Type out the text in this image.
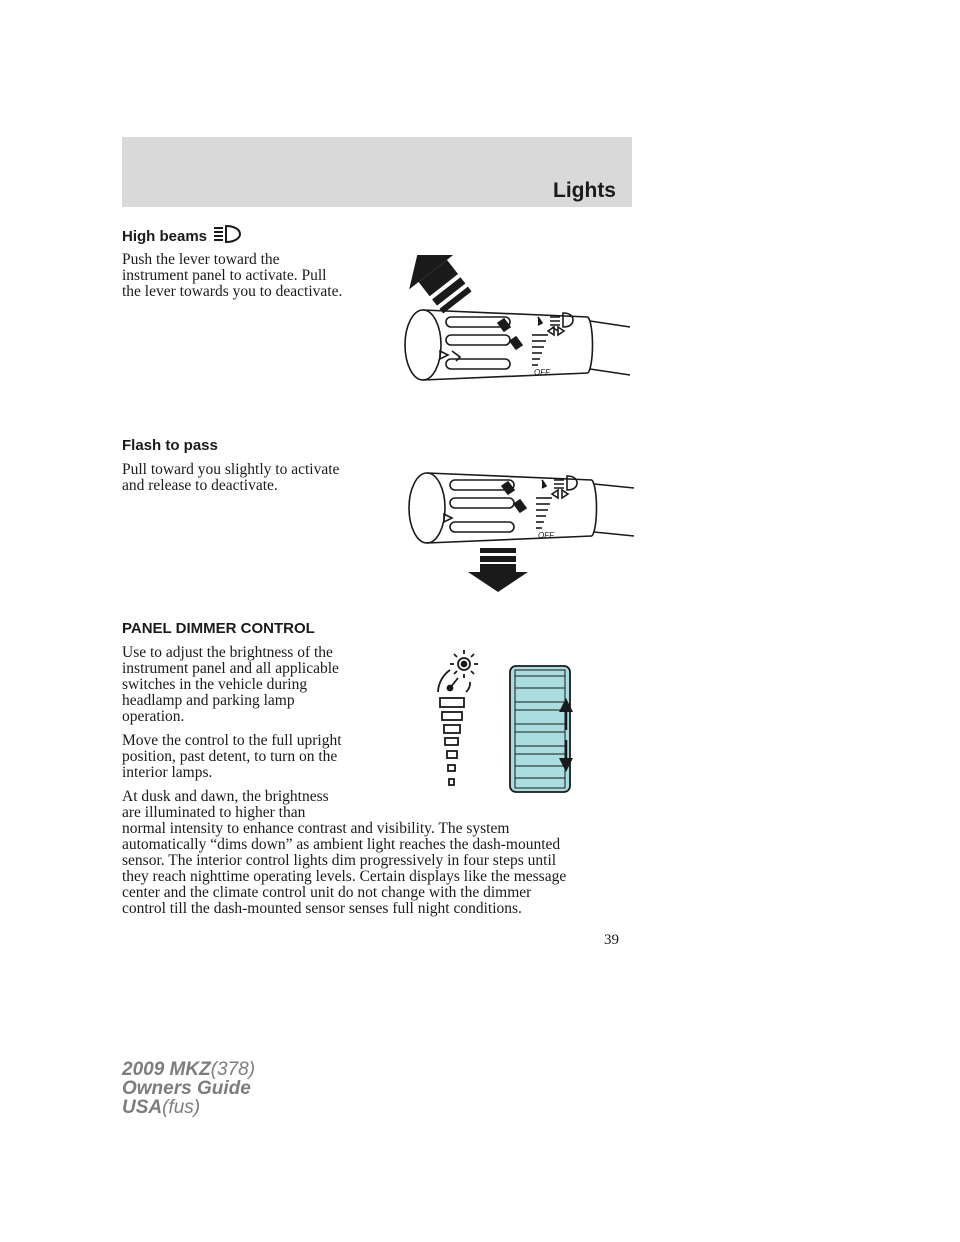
Lights
High beams
Push the lever toward the
instrument panel to activate. Pull
the lever towards you to deactivate.
OFF
Flash to pass
Pull toward you slightly to activate
and release to deactivate.
OFF
PANEL DIMMER CONTROL
Use to adjust the brightness of the
instrument panel and all applicable
switches in the vehicle during
headlamp and parking lamp
operation.
Move the control to the full upright
position, past detent, to turn on the
interior lamps.
At dusk and dawn, the brightness
are illuminated to higher than
normal intensity to enhance contrast and visibility. The system
automatically “dims down” as ambient light reaches the dash-mounted
sensor. The interior control lights dim progressively in four steps until
they reach nighttime operating levels. Certain displays like the message
center and the climate control unit do not change with the dimmer
control till the dash-mounted sensor senses full night conditions.
39
2009 MKZ(378)
Owners Guide
USA(fus)
